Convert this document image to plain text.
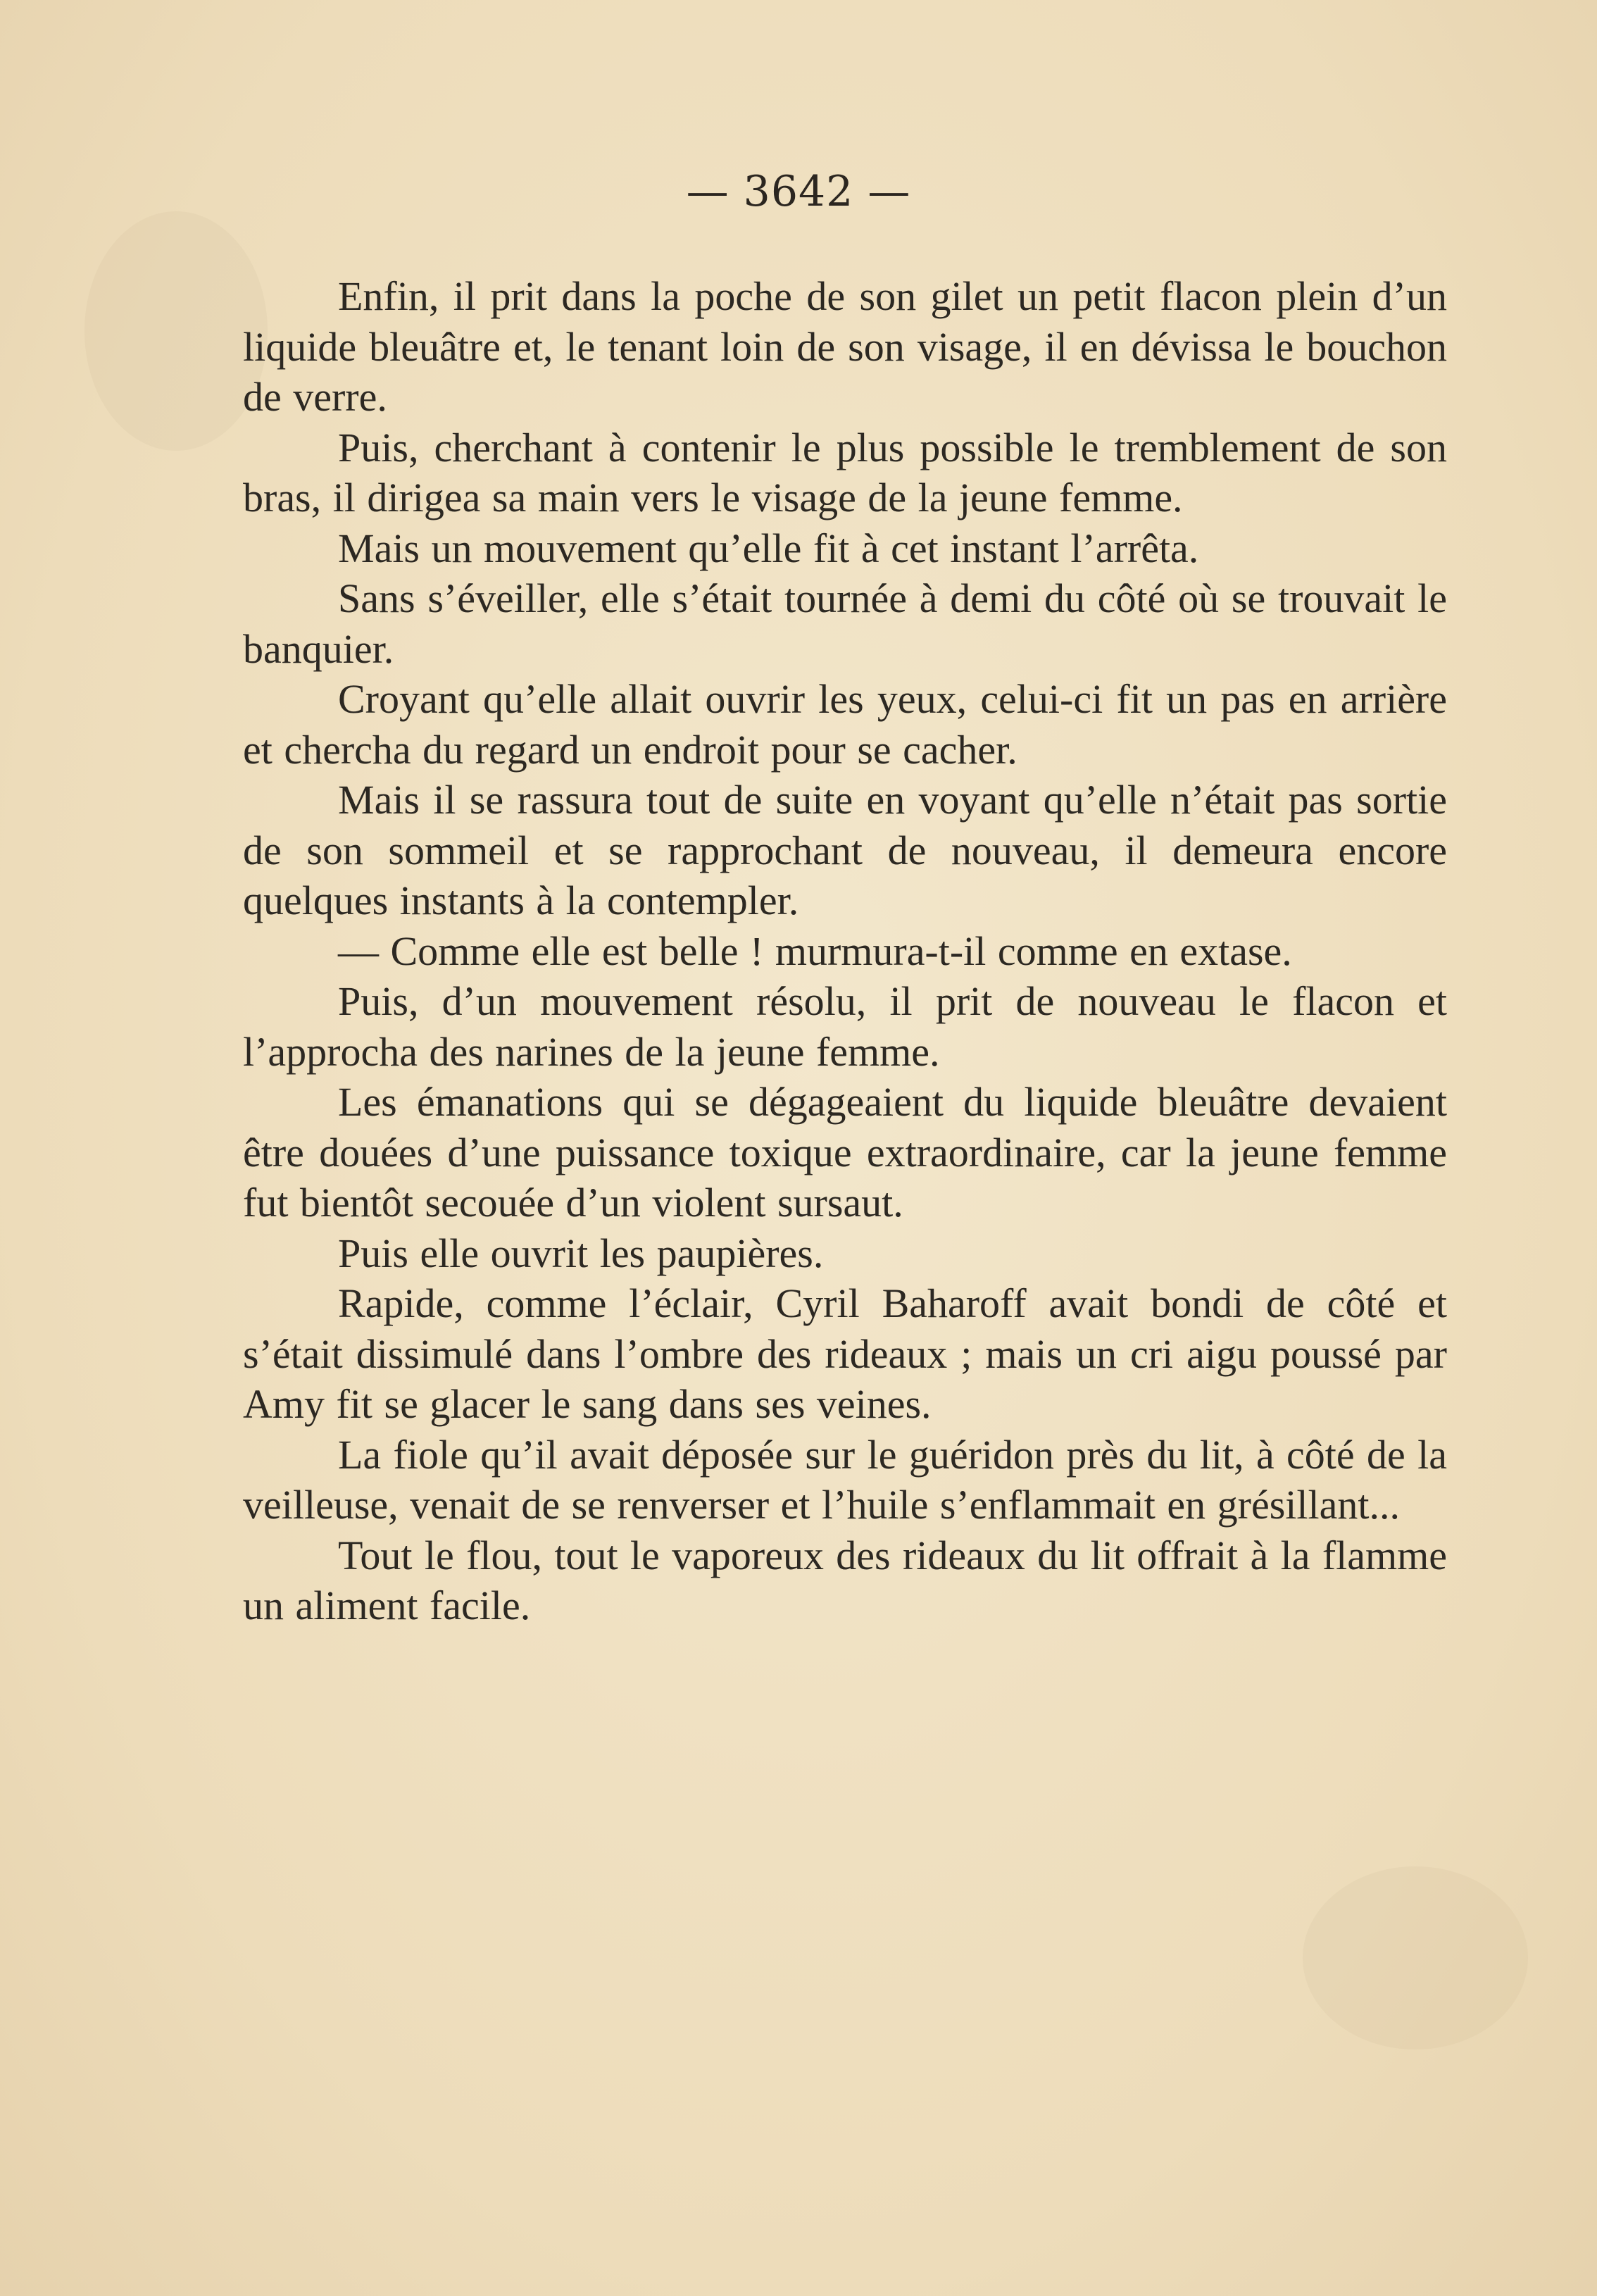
— 3642 —

Enfin, il prit dans la poche de son gilet un petit flacon plein d’un liquide bleuâtre et, le tenant loin de son visage, il en dévissa le bouchon de verre.

Puis, cherchant à contenir le plus possible le tremblement de son bras, il dirigea sa main vers le visage de la jeune femme.

Mais un mouvement qu’elle fit à cet instant l’arrêta.

Sans s’éveiller, elle s’était tournée à demi du côté où se trouvait le banquier.

Croyant qu’elle allait ouvrir les yeux, celui-ci fit un pas en arrière et chercha du regard un endroit pour se cacher.

Mais il se rassura tout de suite en voyant qu’elle n’était pas sortie de son sommeil et se rapprochant de nouveau, il demeura encore quelques instants à la contempler.

— Comme elle est belle ! murmura-t-il comme en extase.

Puis, d’un mouvement résolu, il prit de nouveau le flacon et l’approcha des narines de la jeune femme.

Les émanations qui se dégageaient du liquide bleuâtre devaient être douées d’une puissance toxique extraordinaire, car la jeune femme fut bientôt secouée d’un violent sursaut.

Puis elle ouvrit les paupières.

Rapide, comme l’éclair, Cyril Baharoff avait bondi de côté et s’était dissimulé dans l’ombre des rideaux ; mais un cri aigu poussé par Amy fit se glacer le sang dans ses veines.

La fiole qu’il avait déposée sur le guéridon près du lit, à côté de la veilleuse, venait de se renverser et l’huile s’enflammait en grésillant...

Tout le flou, tout le vaporeux des rideaux du lit offrait à la flamme un aliment facile.
